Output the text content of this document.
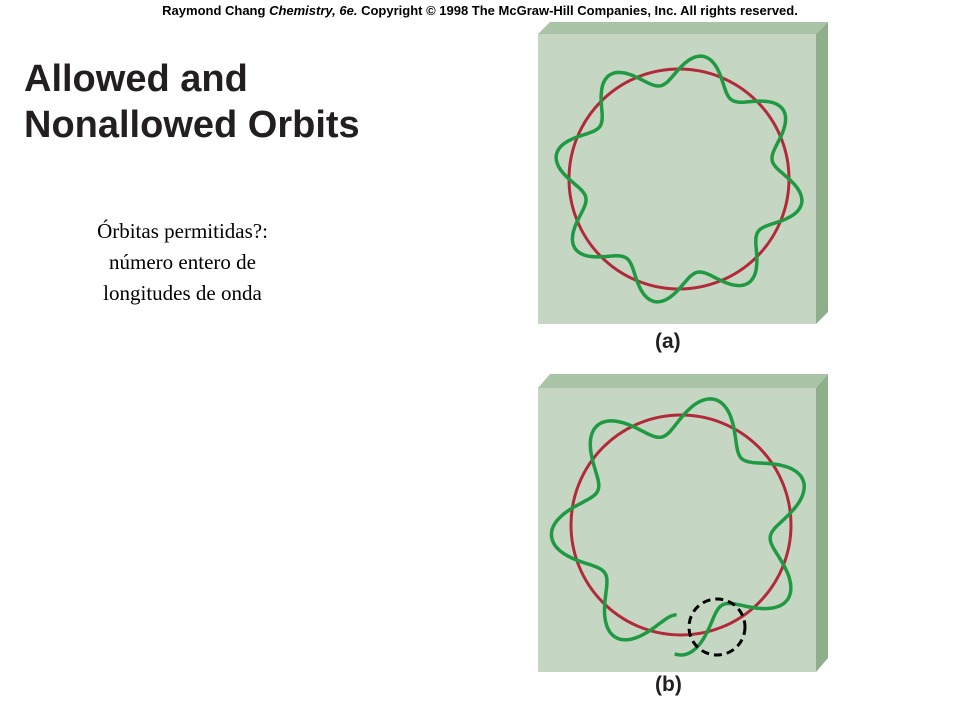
Raymond Chang Chemistry, 6e. Copyright © 1998 The McGraw-Hill Companies, Inc. All rights reserved.
Allowed and
Nonallowed Orbits
Órbitas permitidas?:
número entero de
longitudes de onda
(a)
(b)
